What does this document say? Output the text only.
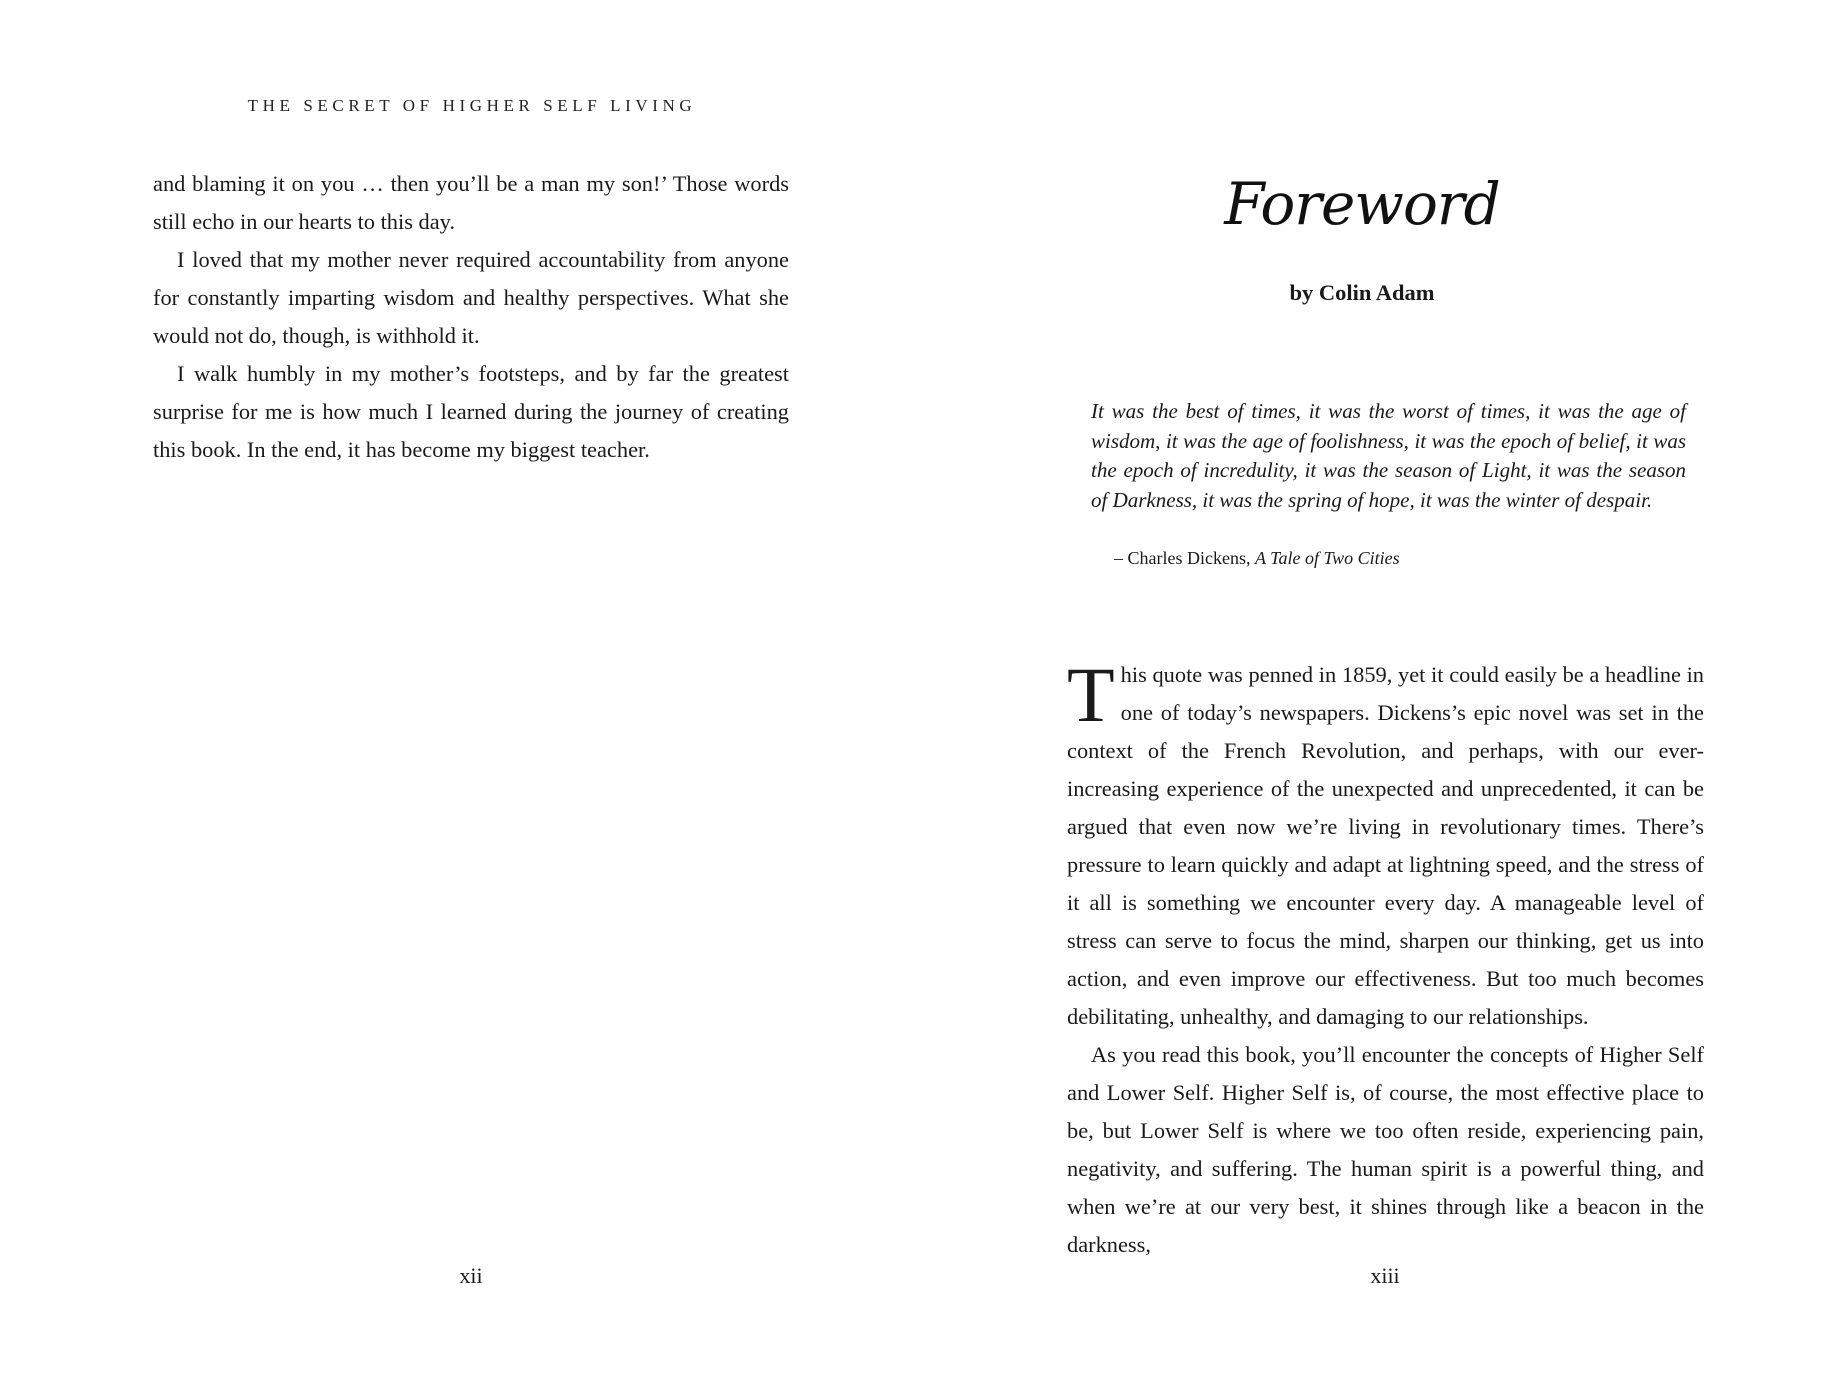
THE SECRET OF HIGHER SELF LIVING

and blaming it on you … then you’ll be a man my son!’ Those words still echo in our hearts to this day.

I loved that my mother never required accountability from anyone for constantly imparting wisdom and healthy perspectives. What she would not do, though, is withhold it.

I walk humbly in my mother’s footsteps, and by far the greatest surprise for me is how much I learned during the journey of creating this book. In the end, it has become my biggest teacher.

xii
Foreword
by Colin Adam
It was the best of times, it was the worst of times, it was the age of wisdom, it was the age of foolishness, it was the epoch of belief, it was the epoch of incredulity, it was the season of Light, it was the season of Darkness, it was the spring of hope, it was the winter of despair.
– Charles Dickens, A Tale of Two Cities

This quote was penned in 1859, yet it could easily be a headline in one of today’s newspapers. Dickens’s epic novel was set in the context of the French Revolution, and perhaps, with our ever-increasing experience of the unexpected and unprecedented, it can be argued that even now we’re living in revolutionary times. There’s pressure to learn quickly and adapt at lightning speed, and the stress of it all is something we encounter every day. A manageable level of stress can serve to focus the mind, sharpen our thinking, get us into action, and even improve our effectiveness. But too much becomes debilitating, unhealthy, and damaging to our relationships.

As you read this book, you’ll encounter the concepts of Higher Self and Lower Self. Higher Self is, of course, the most effective place to be, but Lower Self is where we too often reside, experiencing pain, negativity, and suffering. The human spirit is a powerful thing, and when we’re at our very best, it shines through like a beacon in the darkness,

xiii
